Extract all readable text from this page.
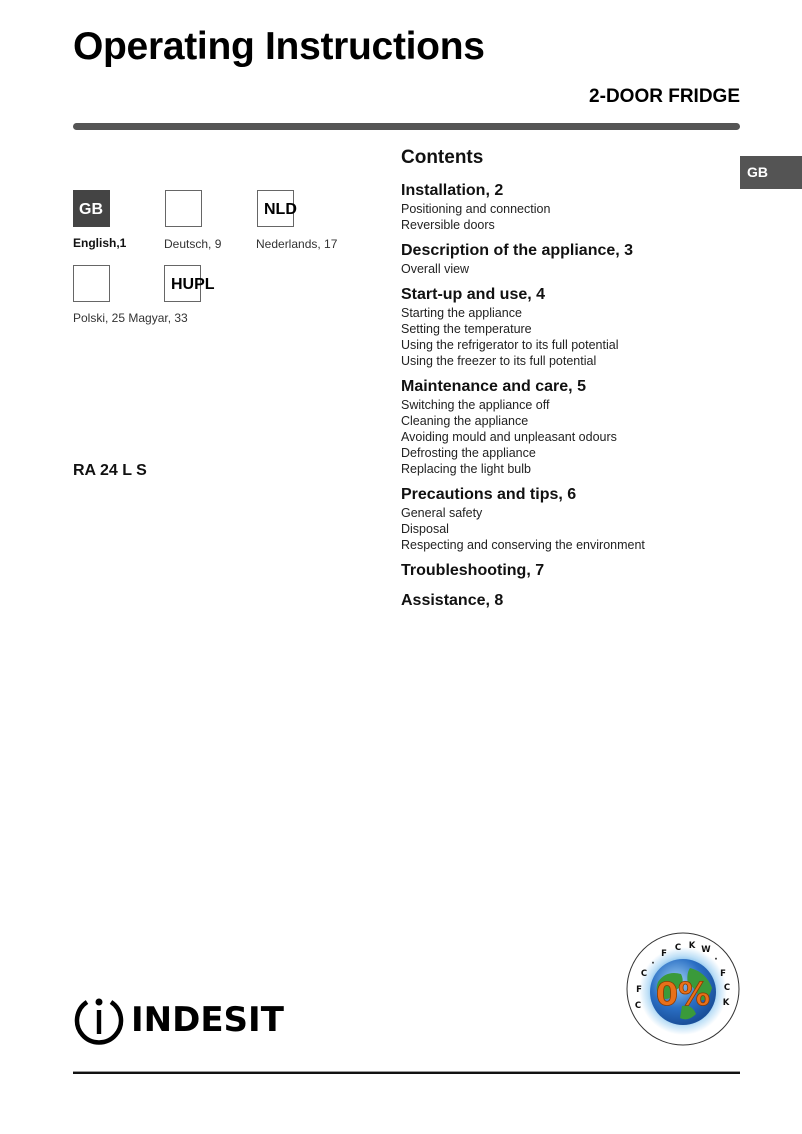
Operating Instructions
2-DOOR FRIDGE
GB
GB
English,1	Deutsch, 9
NLD
Nederlands, 17
HUPL
Polski, 25 Magyar, 33
RA 24 L S
Contents
Installation, 2
Positioning and connection
Reversible doors
Description of the appliance, 3
Overall view
Start-up and use, 4
Starting the appliance
Setting the temperature
Using the refrigerator to its full potential
Using the freezer to its full potential
Maintenance and care, 5
Switching the appliance off
Cleaning the appliance
Avoiding mould and unpleasant odours
Defrosting the appliance
Replacing the light bulb
Precautions and tips, 6
General safety
Disposal
Respecting and conserving the environment
Troubleshooting, 7
Assistance, 8
INDESIT
0%
C
F
C
·
F
C K W
·
F
C
K
